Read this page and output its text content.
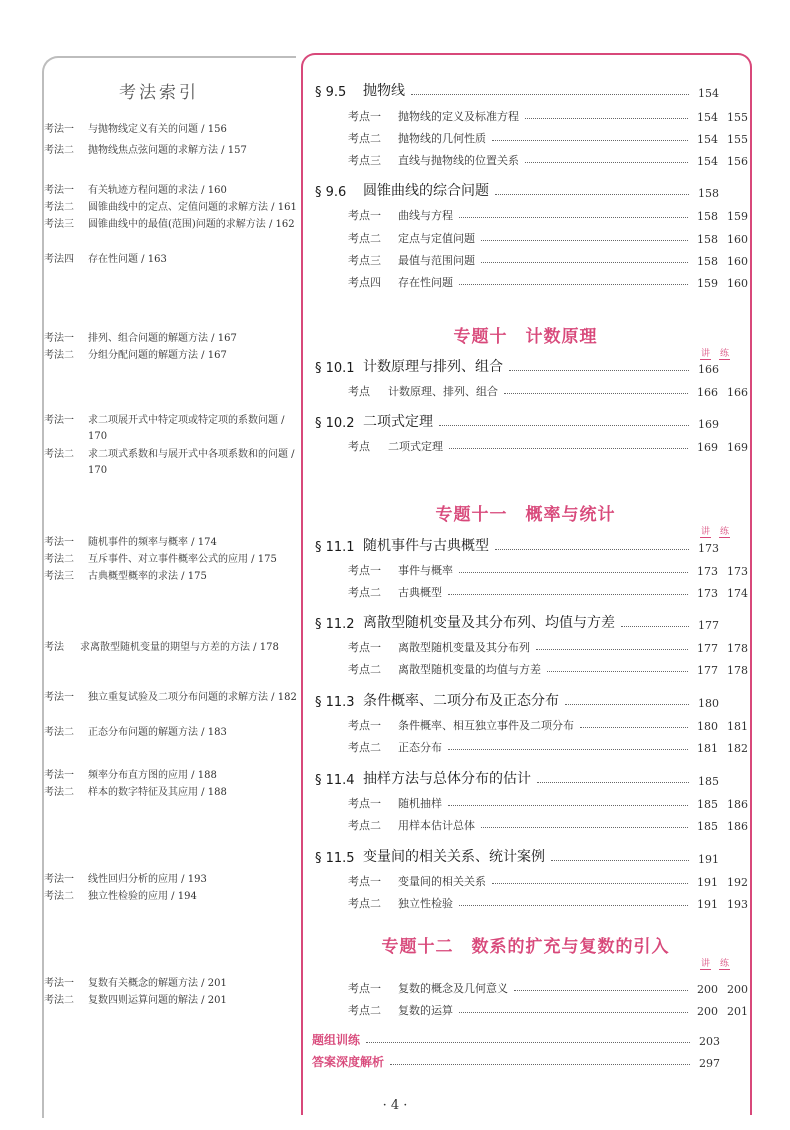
考法索引
考法一	与抛物线定义有关的问题 / 156
考法二	抛物线焦点弦问题的求解方法 / 157
考法一	有关轨迹方程问题的求法 / 160
考法二	圆锥曲线中的定点、定值问题的求解方法 / 161
考法三	圆锥曲线中的最值(范围)问题的求解方法 / 162
考法四	存在性问题 / 163
考法一	排列、组合问题的解题方法 / 167
考法二	分组分配问题的解题方法 / 167
考法一	求二项展开式中特定项或特定项的系数问题 / 170
考法二	求二项式系数和与展开式中各项系数和的问题 / 170
考法一	随机事件的频率与概率 / 174
考法二	互斥事件、对立事件概率公式的应用 / 175
考法三	古典概型概率的求法 / 175
考法	求离散型随机变量的期望与方差的方法 / 178
考法一	独立重复试验及二项分布问题的求解方法 / 182
考法二	正态分布问题的解题方法 / 183
考法一	频率分布直方图的应用 / 188
考法二	样本的数字特征及其应用 / 188
考法一	线性回归分析的应用 / 193
考法二	独立性检验的应用 / 194
考法一	复数有关概念的解题方法 / 201
考法二	复数四则运算问题的解法 / 201
§ 9.5	抛物线	154
考点一	抛物线的定义及标准方程	154 155
考点二	抛物线的几何性质	154 155
考点三	直线与抛物线的位置关系	154 156
§ 9.6	圆锥曲线的综合问题	158
考点一	曲线与方程	158 159
考点二	定点与定值问题	158 160
考点三	最值与范围问题	158 160
考点四	存在性问题	159 160
专题十　计数原理
讲 练
§ 10.1 计数原理与排列、组合	166
考点	计数原理、排列、组合	166 166
§ 10.2 二项式定理	169
考点	二项式定理	169 169
专题十一　概率与统计
讲 练
§ 11.1 随机事件与古典概型	173
考点一	事件与概率	173 173
考点二	古典概型	173 174
§ 11.2 离散型随机变量及其分布列、均值与方差	177
考点一	离散型随机变量及其分布列	177 178
考点二	离散型随机变量的均值与方差	177 178
§ 11.3 条件概率、二项分布及正态分布	180
考点一	条件概率、相互独立事件及二项分布	180 181
考点二	正态分布	181 182
§ 11.4 抽样方法与总体分布的估计	185
考点一	随机抽样	185 186
考点二	用样本估计总体	185 186
§ 11.5 变量间的相关关系、统计案例	191
考点一	变量间的相关关系	191 192
考点二	独立性检验	191 193
专题十二　数系的扩充与复数的引入
讲 练
考点一	复数的概念及几何意义	200 200
考点二	复数的运算	200 201
题组训练	203
答案深度解析	297
· 4 ·
